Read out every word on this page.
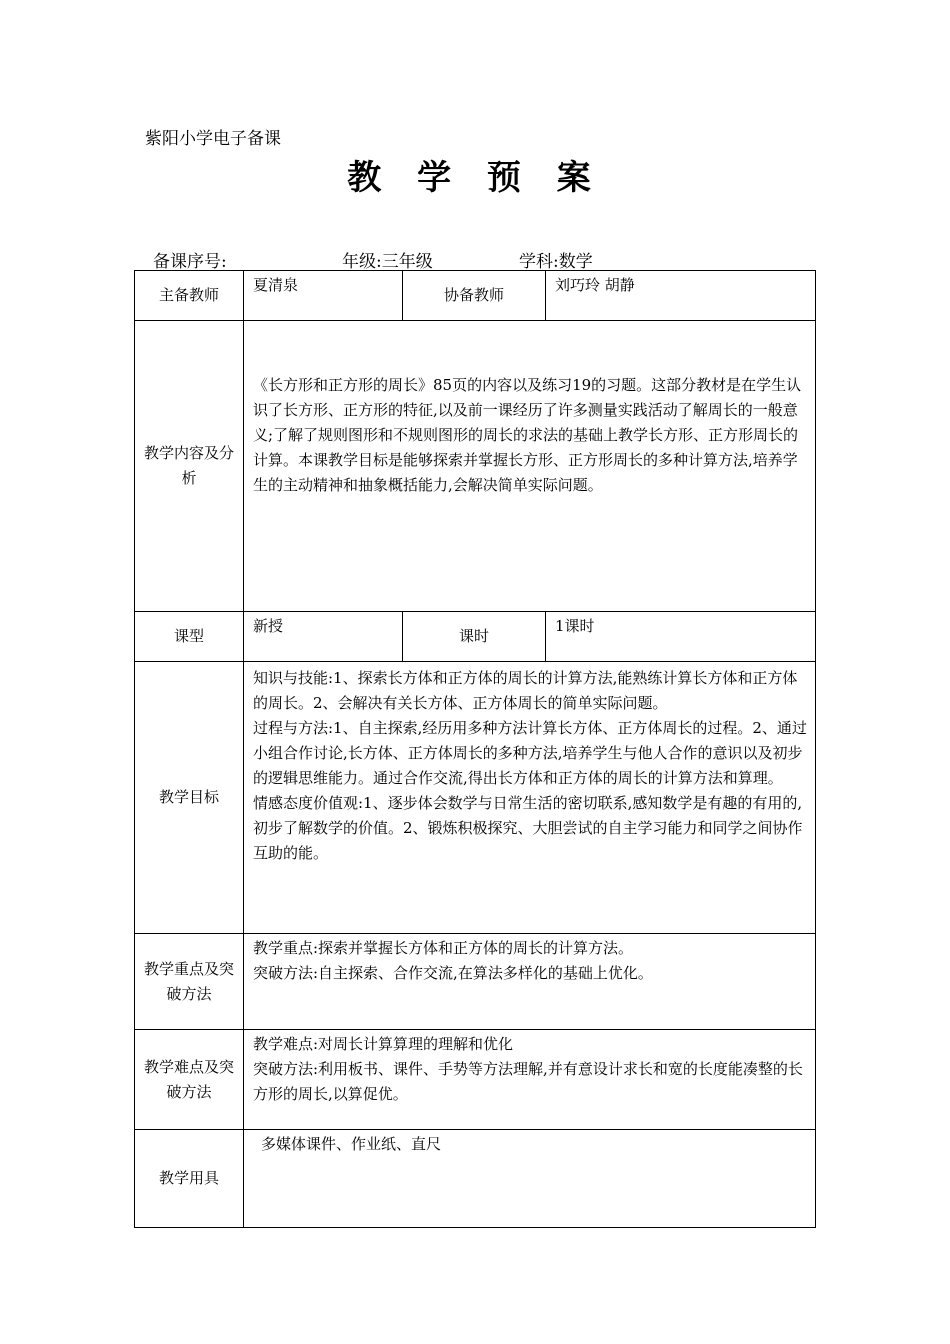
紫阳小学电子备课
教 学 预 案
备课序号:	年级:三年级	学科:数学
主备教师	夏清泉	协备教师	刘巧玲 胡静
教学内容及分析	《长方形和正方形的周长》85页的内容以及练习19的习题。这部分教材是在学生认识了长方形、正方形的特征,以及前一课经历了许多测量实践活动了解周长的一般意义;了解了规则图形和不规则图形的周长的求法的基础上教学长方形、正方形周长的计算。本课教学目标是能够探索并掌握长方形、正方形周长的多种计算方法,培养学生的主动精神和抽象概括能力,会解决简单实际问题。		
课型	新授	课时	1课时
教学目标	知识与技能:1、探索长方体和正方体的周长的计算方法,能熟练计算长方体和正方体的周长。2、会解决有关长方体、正方体周长的简单实际问题。
过程与方法:1、自主探索,经历用多种方法计算长方体、正方体周长的过程。2、通过小组合作讨论,长方体、正方体周长的多种方法,培养学生与他人合作的意识以及初步的逻辑思维能力。通过合作交流,得出长方体和正方体的周长的计算方法和算理。
情感态度价值观:1、逐步体会数学与日常生活的密切联系,感知数学是有趣的有用的,初步了解数学的价值。2、锻炼积极探究、大胆尝试的自主学习能力和同学之间协作互助的能。		

教学重点及突破方法	教学重点:探索并掌握长方体和正方体的周长的计算方法。
突破方法:自主探索、合作交流,在算法多样化的基础上优化。		

教学难点及突破方法	教学难点:对周长计算算理的理解和优化
突破方法:利用板书、课件、手势等方法理解,并有意设计求长和宽的长度能凑整的长方形的周长,以算促优。		

教学用具	多媒体课件、作业纸、直尺		
